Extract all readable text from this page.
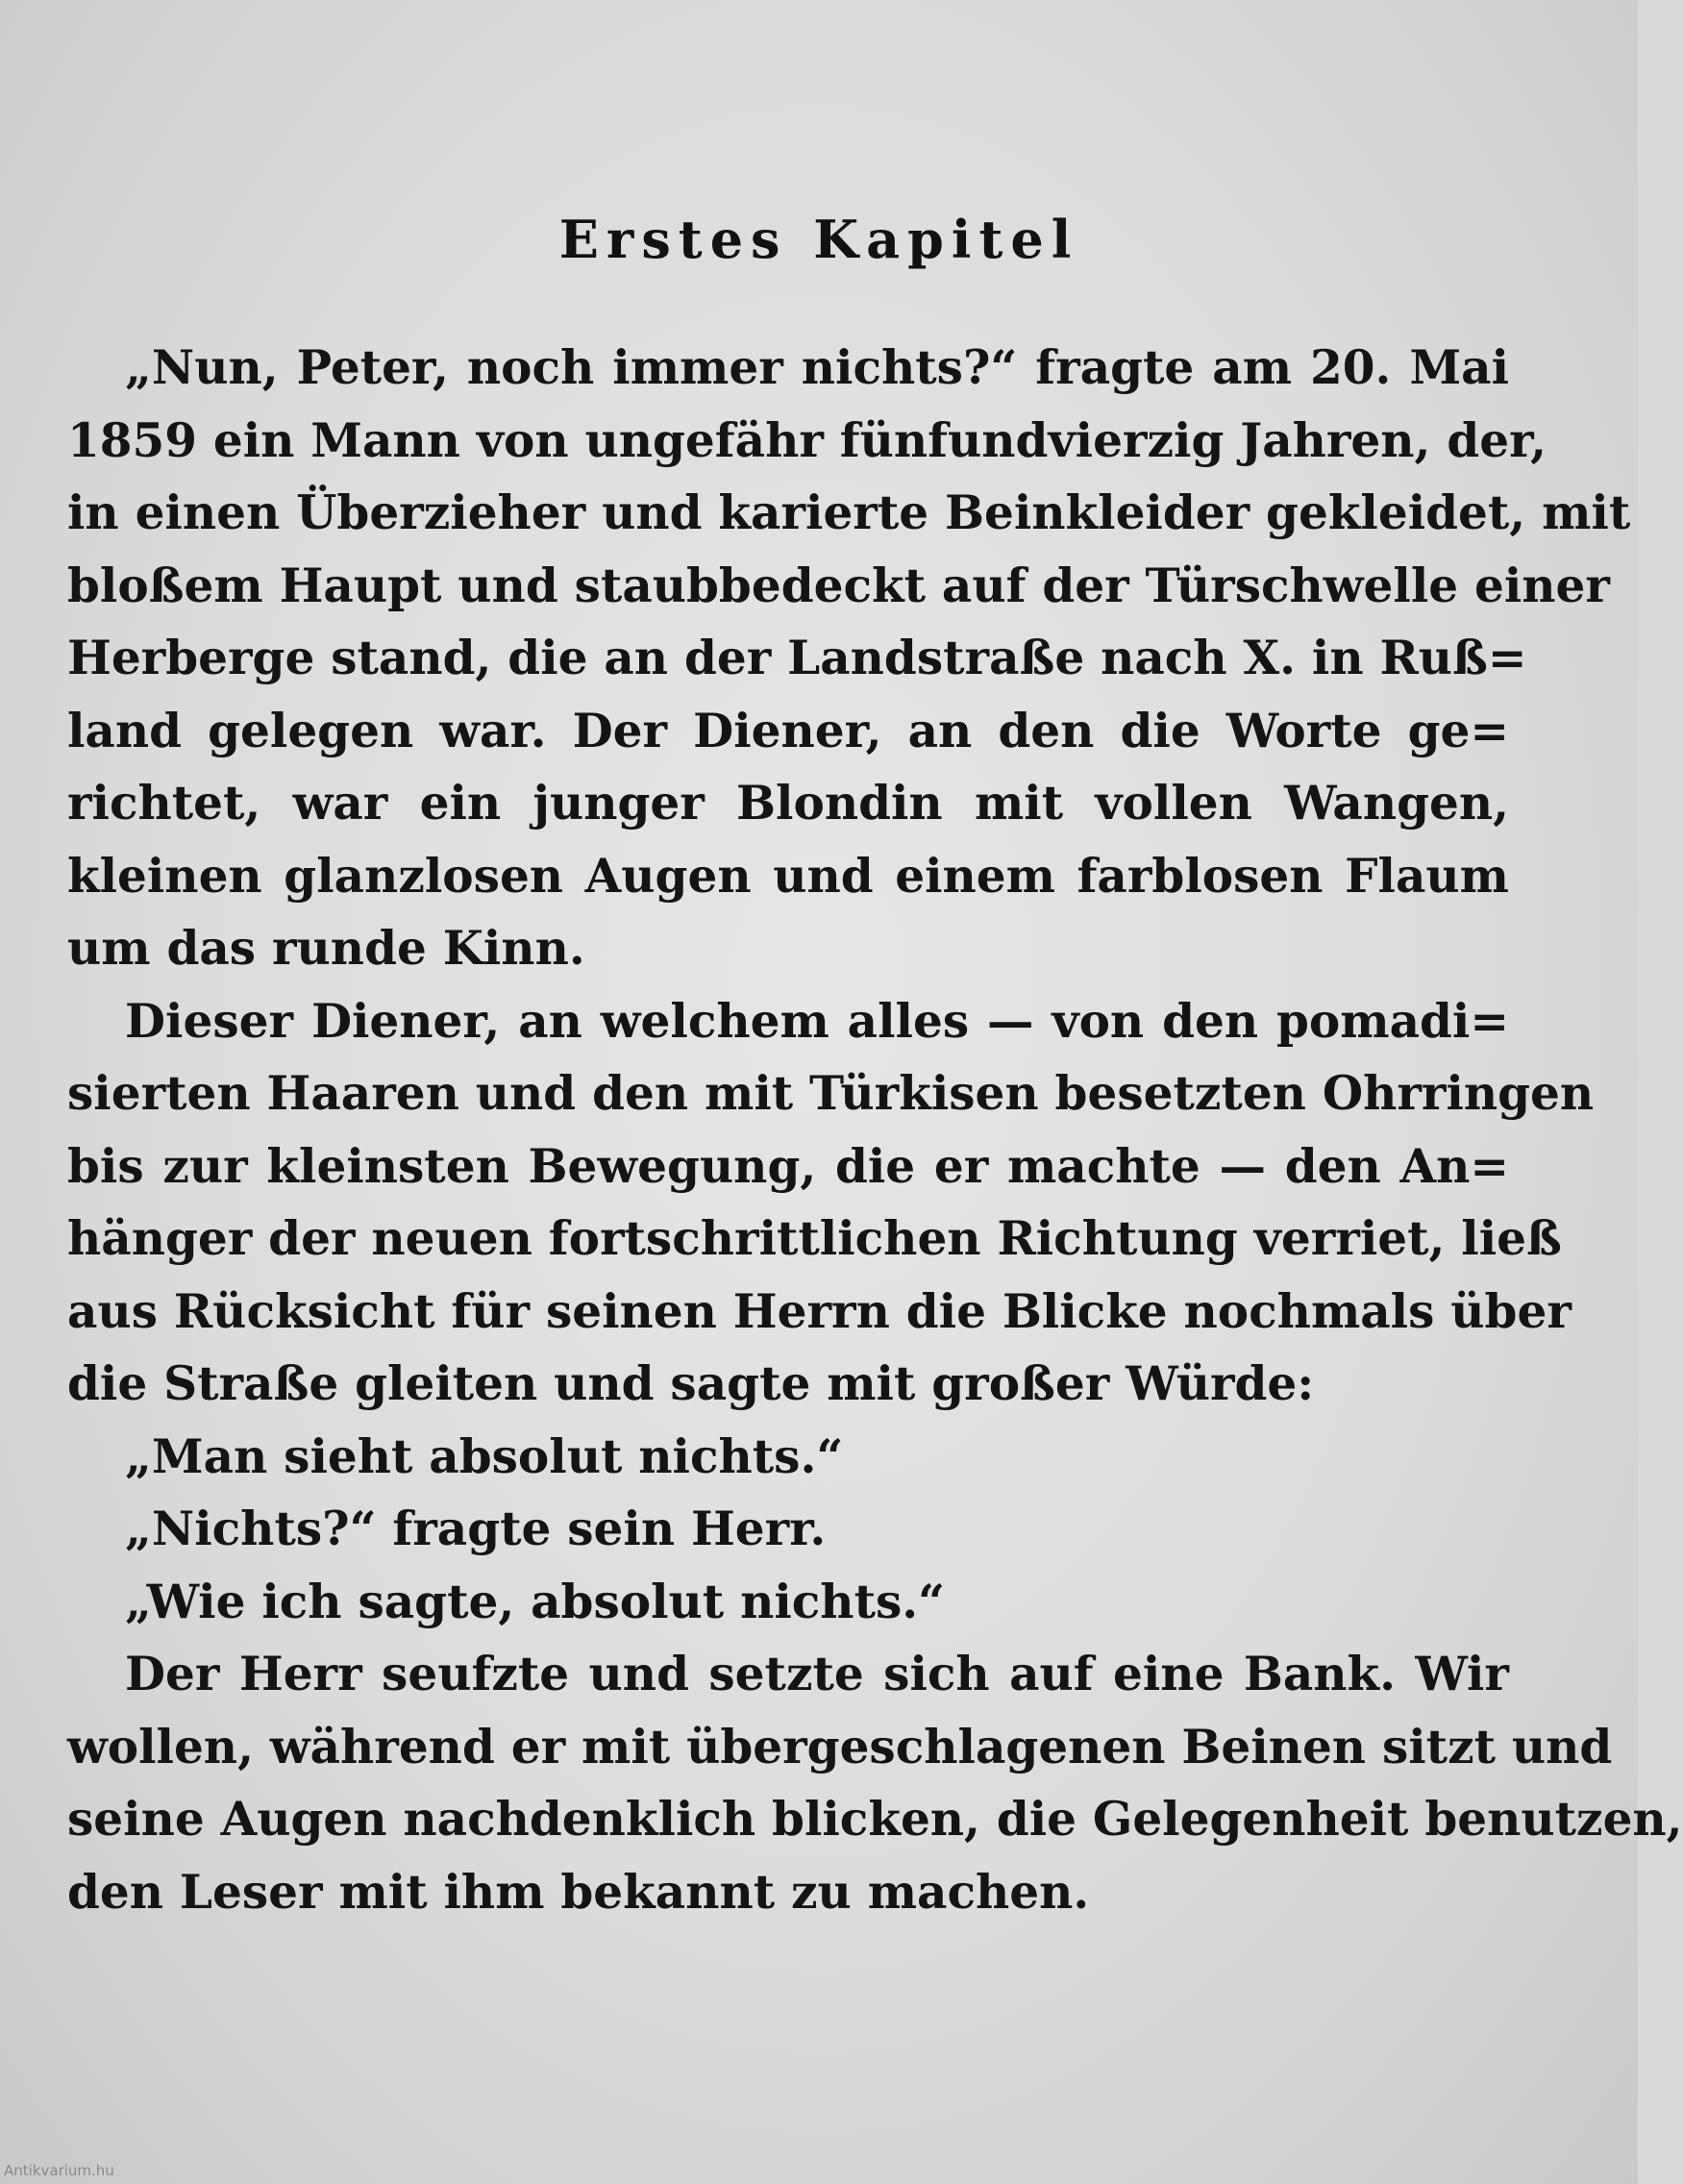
Erstes Kapitel
„Nun, Peter, noch immer nichts?“ fragte am 20. Mai
1859 ein Mann von ungefähr fünfundvierzig Jahren, der,
in einen Überzieher und karierte Beinkleider gekleidet, mit
bloßem Haupt und staubbedeckt auf der Türschwelle einer
Herberge stand, die an der Landstraße nach X. in Ruß=
land gelegen war. Der Diener, an den die Worte ge=
richtet, war ein junger Blondin mit vollen Wangen,
kleinen glanzlosen Augen und einem farblosen Flaum
um das runde Kinn.
Dieser Diener, an welchem alles — von den pomadi=
sierten Haaren und den mit Türkisen besetzten Ohrringen
bis zur kleinsten Bewegung, die er machte — den An=
hänger der neuen fortschrittlichen Richtung verriet, ließ
aus Rücksicht für seinen Herrn die Blicke nochmals über
die Straße gleiten und sagte mit großer Würde:
„Man sieht absolut nichts.“
„Nichts?“ fragte sein Herr.
„Wie ich sagte, absolut nichts.“
Der Herr seufzte und setzte sich auf eine Bank. Wir
wollen, während er mit übergeschlagenen Beinen sitzt und
seine Augen nachdenklich blicken, die Gelegenheit benutzen,
den Leser mit ihm bekannt zu machen.
Antikvarium.hu
